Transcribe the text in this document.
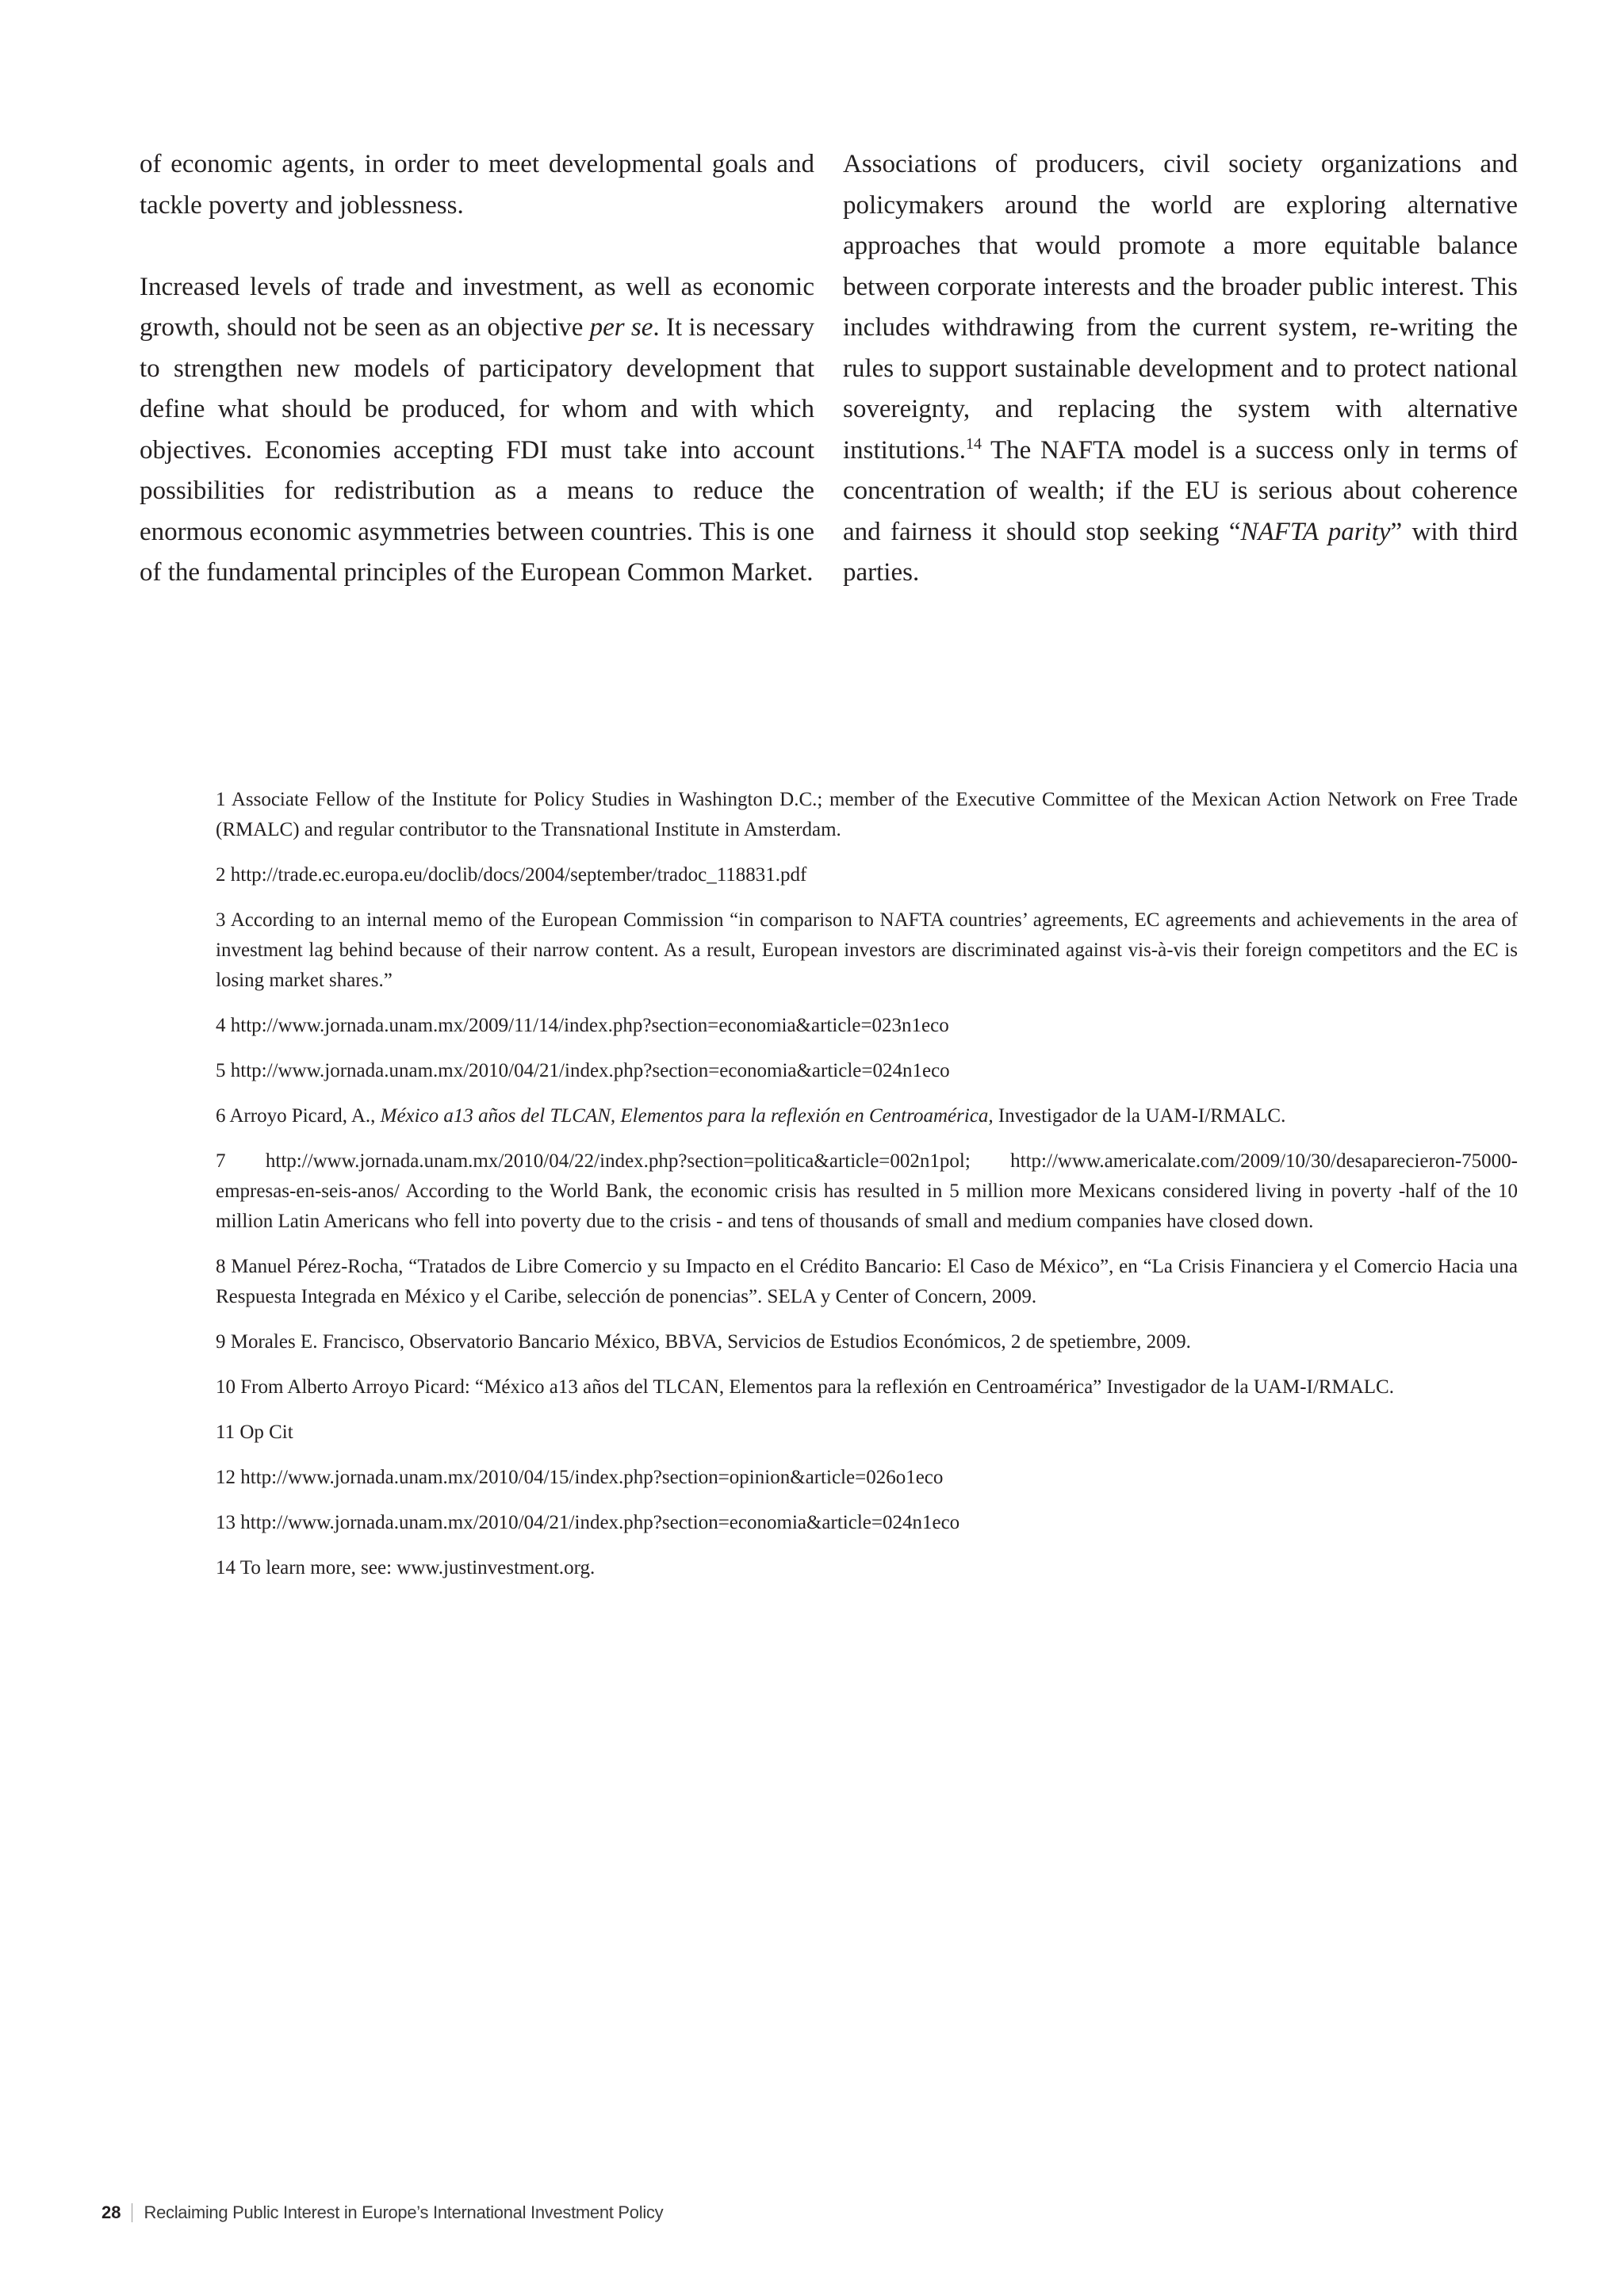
of economic agents, in order to meet developmental goals and tackle poverty and joblessness.

Increased levels of trade and investment, as well as economic growth, should not be seen as an objective per se. It is necessary to strengthen new models of participatory development that define what should be produced, for whom and with which objectives. Economies accepting FDI must take into account possibilities for redistribution as a means to reduce the enormous economic asymmetries between countries. This is one of the fundamental principles of the European Common Market.

Associations of producers, civil society organizations and policymakers around the world are exploring alternative approaches that would promote a more equitable balance between corporate interests and the broader public interest. This includes withdrawing from the current system, re-writing the rules to support sustainable development and to protect national sovereignty, and replacing the system with alternative institutions.$^{14}$ The NAFTA model is a success only in terms of concentration of wealth; if the EU is serious about coherence and fairness it should stop seeking “NAFTA parity” with third parties.

1 Associate Fellow of the Institute for Policy Studies in Washington D.C.; member of the Executive Committee of the Mexican Action Network on Free Trade (RMALC) and regular contributor to the Transnational Institute in Amsterdam.

2 http://trade.ec.europa.eu/doclib/docs/2004/september/tradoc_118831.pdf

3 According to an internal memo of the European Commission “in comparison to NAFTA countries’ agreements, EC agreements and achievements in the area of investment lag behind because of their narrow content. As a result, European investors are discriminated against vis-à-vis their foreign competitors and the EC is losing market shares.”

4 http://www.jornada.unam.mx/2009/11/14/index.php?section=economia&article=023n1eco

5 http://www.jornada.unam.mx/2010/04/21/index.php?section=economia&article=024n1eco

6 Arroyo Picard, A., México a13 años del TLCAN, Elementos para la reflexión en Centroamérica, Investigador de la UAM-I/RMALC.

7 http://www.jornada.unam.mx/2010/04/22/index.php?section=politica&article=002n1pol; http://www.americalate.com/2009/10/30/desaparecieron-75000-empresas-en-seis-anos/ According to the World Bank, the economic crisis has resulted in 5 million more Mexicans considered living in poverty -half of the 10 million Latin Americans who fell into poverty due to the crisis - and tens of thousands of small and medium companies have closed down.

8 Manuel Pérez-Rocha, “Tratados de Libre Comercio y su Impacto en el Crédito Bancario: El Caso de México”, en “La Crisis Financiera y el Comercio Hacia una Respuesta Integrada en México y el Caribe, selección de ponencias”. SELA y Center of Concern, 2009.

9 Morales E. Francisco, Observatorio Bancario México, BBVA, Servicios de Estudios Económicos, 2 de spetiembre, 2009.

10 From Alberto Arroyo Picard: “México a13 años del TLCAN, Elementos para la reflexión en Centroamérica” Investigador de la UAM-I/RMALC.

11 Op Cit

12 http://www.jornada.unam.mx/2010/04/15/index.php?section=opinion&article=026o1eco

13 http://www.jornada.unam.mx/2010/04/21/index.php?section=economia&article=024n1eco

14 To learn more, see: www.justinvestment.org.

28 Reclaiming Public Interest in Europe’s International Investment Policy
